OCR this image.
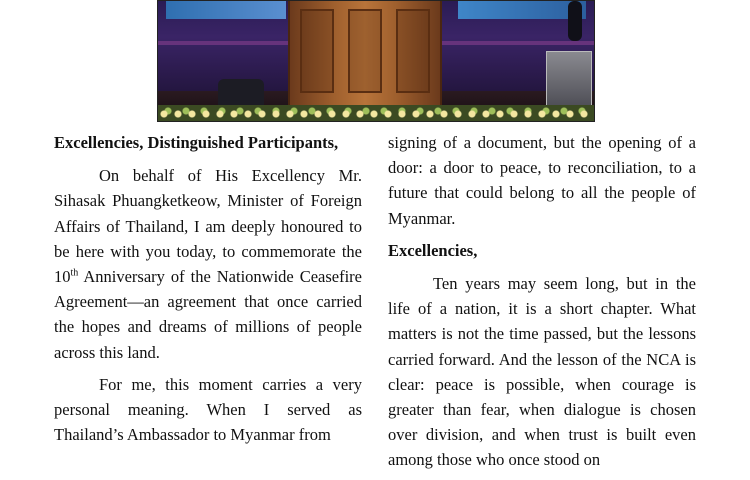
Excellencies, Distinguished Participants,

On behalf of His Excellency Mr. Sihasak Phuangketkeow, Minister of Foreign Affairs of Thailand, I am deeply honoured to be here with you today, to commemorate the 10th Anniversary of the Nationwide Ceasefire Agreement—an agreement that once carried the hopes and dreams of millions of people across this land.

For me, this moment carries a very personal meaning. When I served as Thailand’s Ambassador to Myanmar from

signing of a document, but the opening of a door: a door to peace, to reconciliation, to a future that could belong to all the people of Myanmar.

Excellencies,

Ten years may seem long, but in the life of a nation, it is a short chapter. What matters is not the time passed, but the lessons carried forward. And the lesson of the NCA is clear: peace is possible, when courage is greater than fear, when dialogue is chosen over division, and when trust is built even among those who once stood on
